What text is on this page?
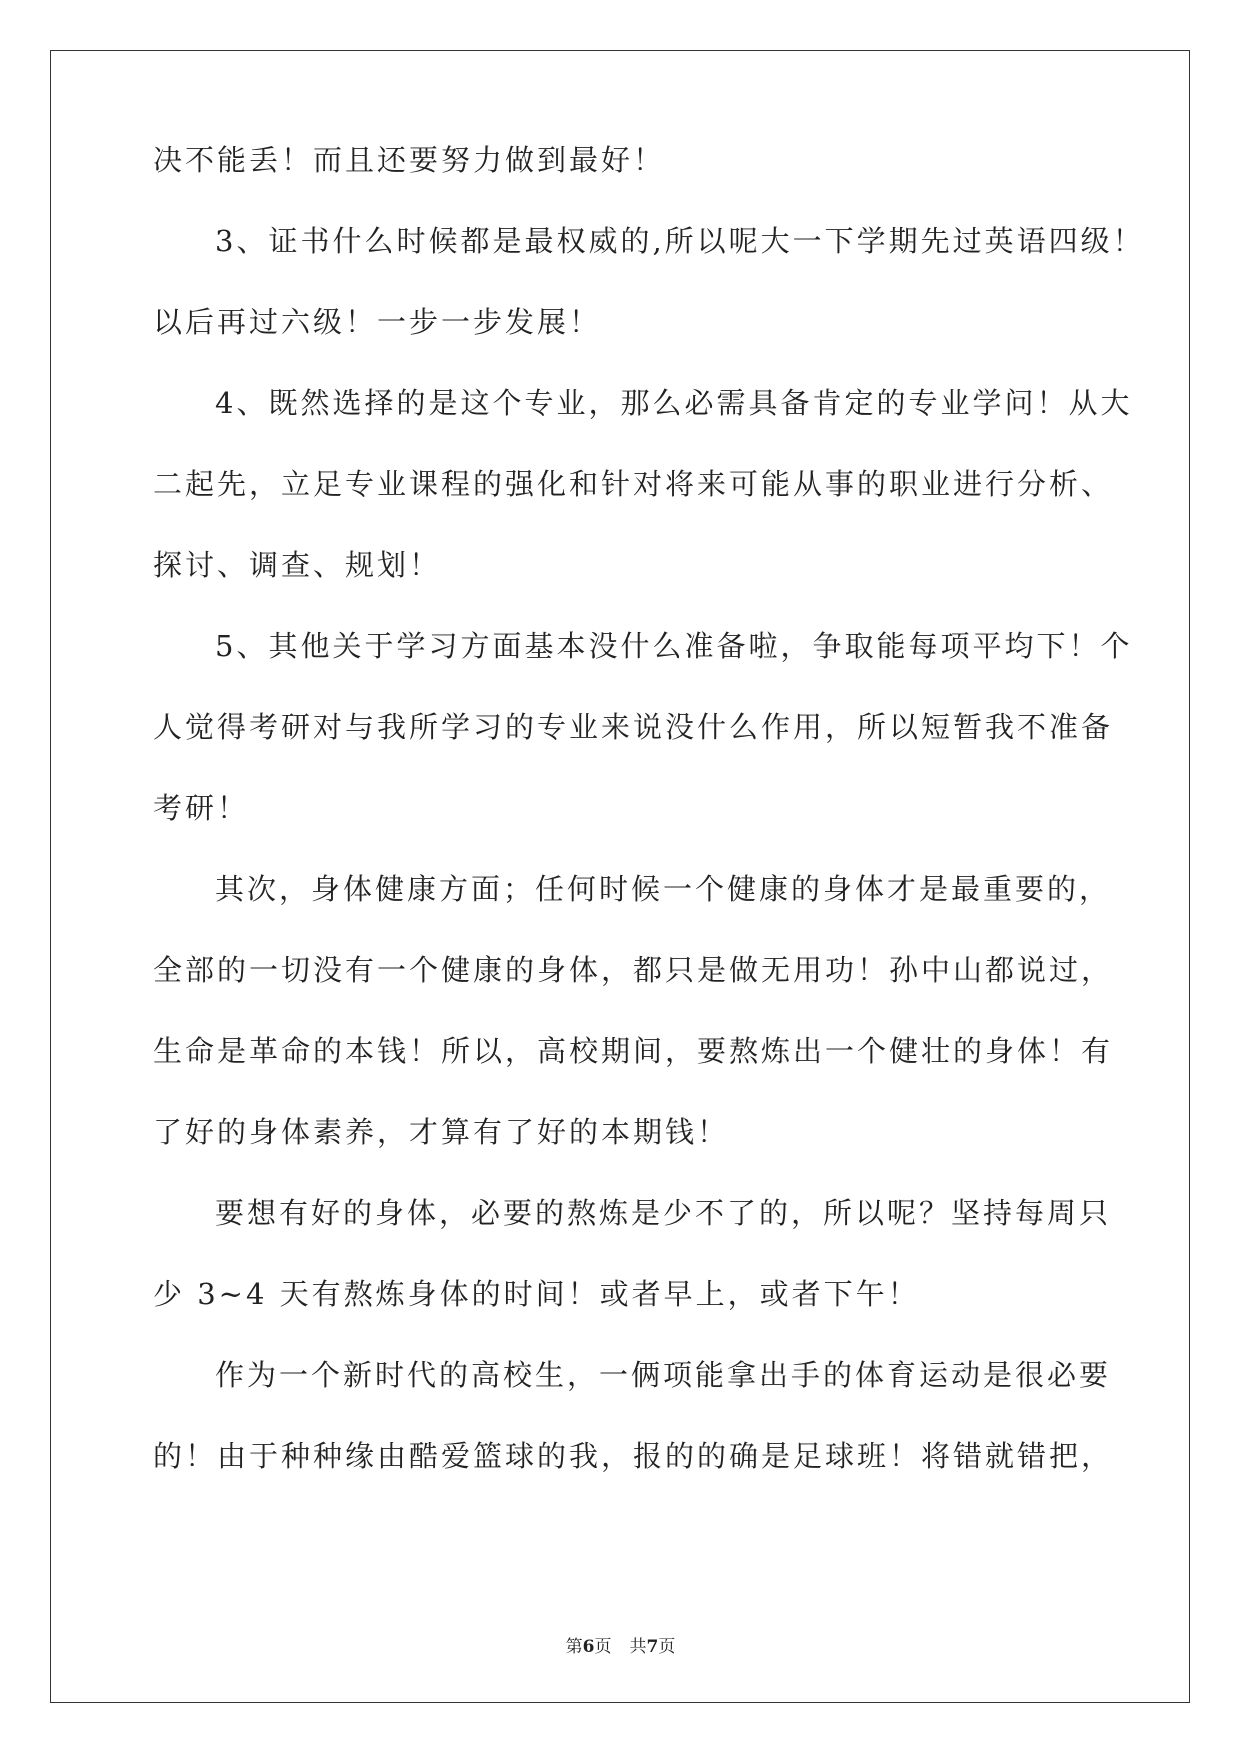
决不能丢！而且还要努力做到最好！
3、证书什么时候都是最权威的,所以呢大一下学期先过英语四级！
以后再过六级！一步一步发展！
4、既然选择的是这个专业，那么必需具备肯定的专业学问！从大
二起先，立足专业课程的强化和针对将来可能从事的职业进行分析、
探讨、调查、规划！
5、其他关于学习方面基本没什么准备啦，争取能每项平均下！个
人觉得考研对与我所学习的专业来说没什么作用，所以短暂我不准备
考研！
其次，身体健康方面；任何时候一个健康的身体才是最重要的，
全部的一切没有一个健康的身体，都只是做无用功！孙中山都说过，
生命是革命的本钱！所以，高校期间，要熬炼出一个健壮的身体！有
了好的身体素养，才算有了好的本期钱！
要想有好的身体，必要的熬炼是少不了的，所以呢？坚持每周只
少 3~4 天有熬炼身体的时间！或者早上，或者下午！
作为一个新时代的高校生，一俩项能拿出手的体育运动是很必要
的！由于种种缘由酷爱篮球的我，报的的确是足球班！将错就错把，
第6页 共7页
